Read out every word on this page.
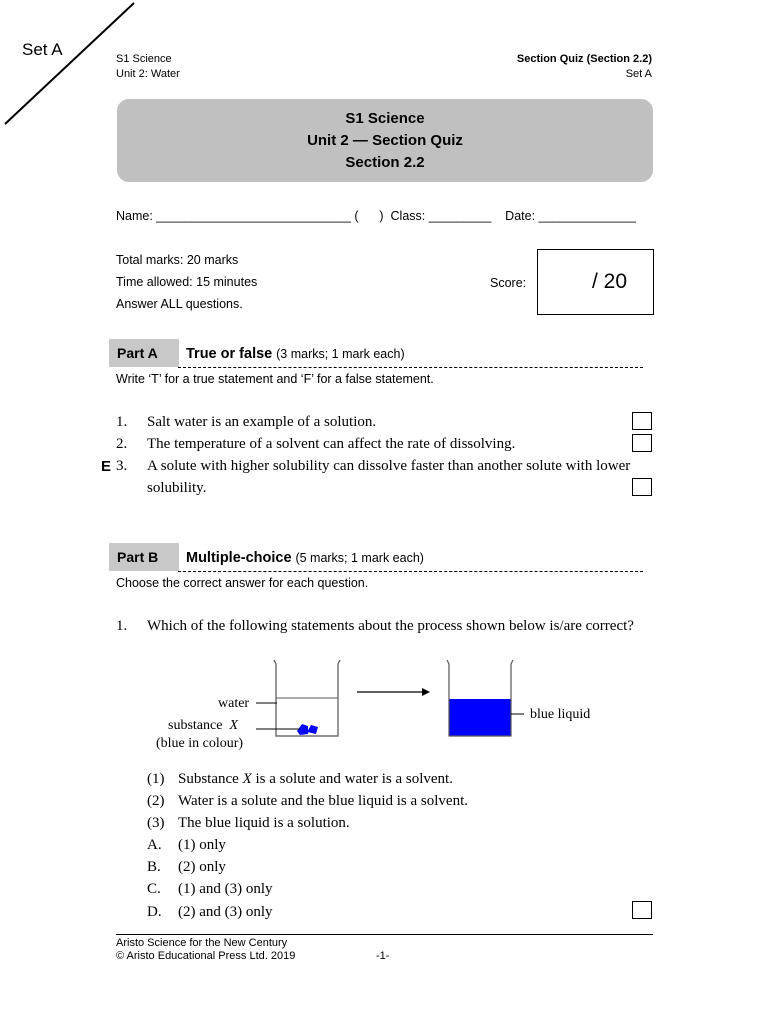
Set A	S1 Science
Unit 2: Water
Section Quiz (Section 2.2)
Set A
S1 Science
Unit 2 — Section Quiz
Section 2.2
Name: ____________________________ (      )  Class: _________    Date: ______________
Total marks: 20 marks
Time allowed: 15 minutes
Answer ALL questions.
Score:	/ 20
Part A	True or false (3 marks; 1 mark each)
Write ‘T’ for a true statement and ‘F’ for a false statement.
1. Salt water is an example of a solution.
2. The temperature of a solvent can affect the rate of dissolving.
E 3. A solute with higher solubility can dissolve faster than another solute with lower
solubility.
Part B	Multiple-choice (5 marks; 1 mark each)
Choose the correct answer for each question.
1. Which of the following statements about the process shown below is/are correct?
water
substance X
(blue in colour)
blue liquid
(1) Substance X is a solute and water is a solvent.
(2) Water is a solute and the blue liquid is a solvent.
(3) The blue liquid is a solution.
A. (1) only
B. (2) only
C. (1) and (3) only
D. (2) and (3) only
Aristo Science for the New Century
© Aristo Educational Press Ltd. 2019	-1-
